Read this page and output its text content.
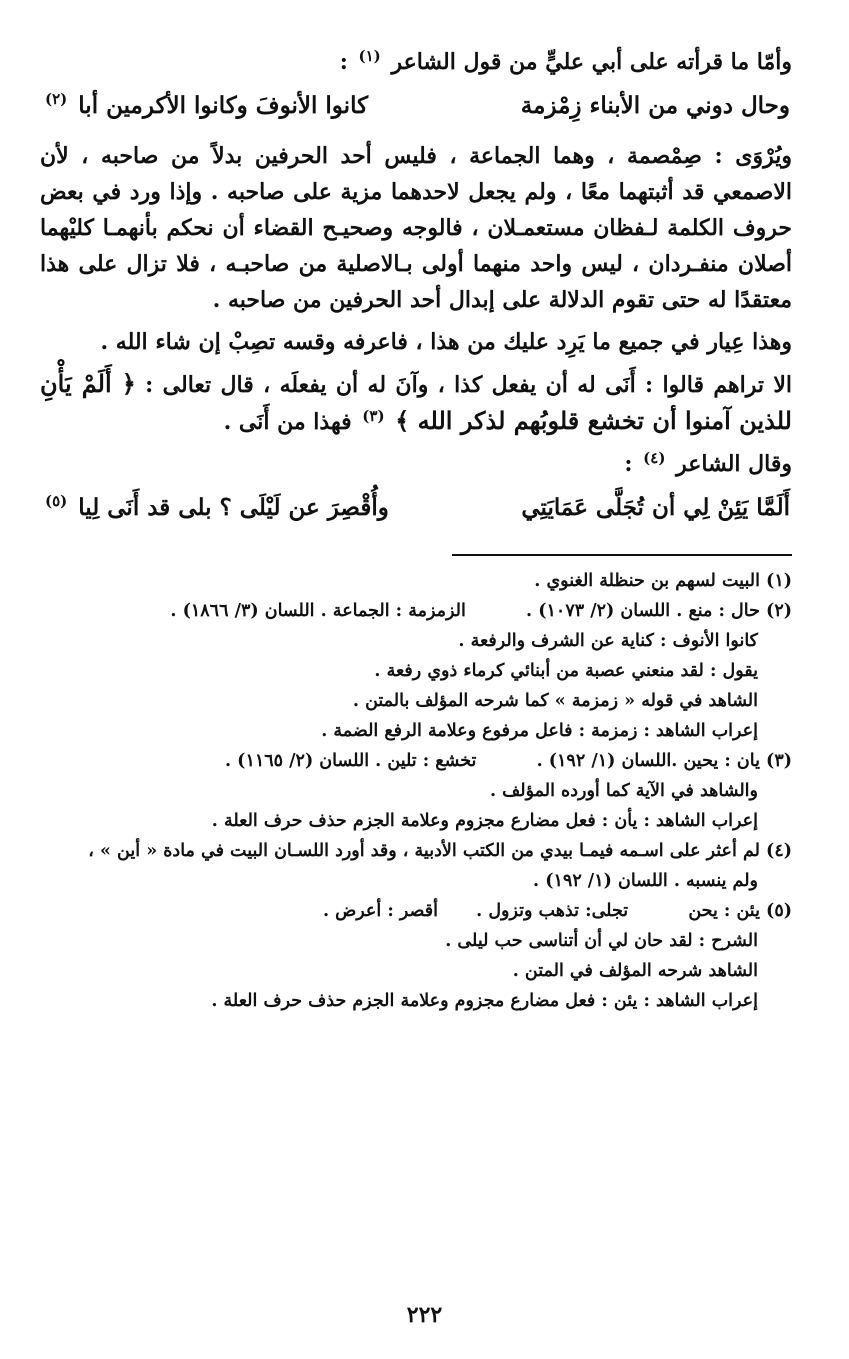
وأمّا ما قرأته على أبي عليٍّ من قول الشاعر $^{(١)}$ :

وحال دوني من الأبناء زِمْزمة
كانوا الأنوفَ وكانوا الأكرمين أبا $^{(٢)}$

ويُرْوَى : صِمْصمة ، وهما الجماعة ، فليس أحد الحرفين بدلاً من صاحبه ، لأن الاصمعي قد أثبتهما معًا ، ولم يجعل لاحدهما مزية على صاحبه . وإذا ورد في بعض حروف الكلمة لـفظان مستعمـلان ، فالوجه وصحيـح القضاء أن نحكم بأنهمـا كليْهما أصلان منفـردان ، ليس واحد منهما أولى بـالاصلية من صاحبـه ، فلا تزال على هذا معتقدًا له حتى تقوم الدلالة على إبدال أحد الحرفين من صاحبه .

وهذا عِيار في جميع ما يَرِد عليك من هذا ، فاعرفه وقسه تصِبْ إن شاء الله .

الا تراهم قالوا : أَنَى له أن يفعل كذا ، وآنَ له أن يفعلَه ، قال تعالى : ﴿ أَلَمْ يَأْنِ للذين آمنوا أن تخشع قلوبُهم لذكر الله ﴾ $^{(٣)}$ فهذا من أَنَى .

وقال الشاعر $^{(٤)}$ :

أَلَمَّا يَئِنْ لِي أن تُجَلَّى عَمَايَتِي
وأُقْصِرَ عن لَيْلَى ؟ بلى قد أَنَى لِيا $^{(٥)}$
(١) البيت لسهم بن حنظلة الغنوي .
(٢) حال : منع . اللسان (٢/ ١٠٧٣) .  الزمزمة : الجماعة . اللسان (٣/ ١٨٦٦) .
كانوا الأنوف : كناية عن الشرف والرفعة .
يقول : لقد منعني عصبة من أبنائي كرماء ذوي رفعة .
الشاهد في قوله « زمزمة » كما شرحه المؤلف بالمتن .
إعراب الشاهد : زمزمة : فاعل مرفوع وعلامة الرفع الضمة .
(٣) يان : يحين .اللسان (١/ ١٩٢) .  تخشع : تلين . اللسان (٢/ ١١٦٥) .
والشاهد في الآية كما أورده المؤلف .
إعراب الشاهد : يأن : فعل مضارع مجزوم وعلامة الجزم حذف حرف العلة .
(٤) لم أعثر على اسـمه فيمـا بيدي من الكتب الأدبية ، وقد أورد اللسـان البيت في مادة « أين » ،
ولم ينسبه . اللسان (١/ ١٩٢) .
(٥) يئن : يحن  تجلى: تذهب وتزول .  أقصر : أعرض .
الشرح : لقد حان لي أن أتناسى حب ليلى .
الشاهد شرحه المؤلف في المتن .
إعراب الشاهد : يئن : فعل مضارع مجزوم وعلامة الجزم حذف حرف العلة .
٢٢٢
